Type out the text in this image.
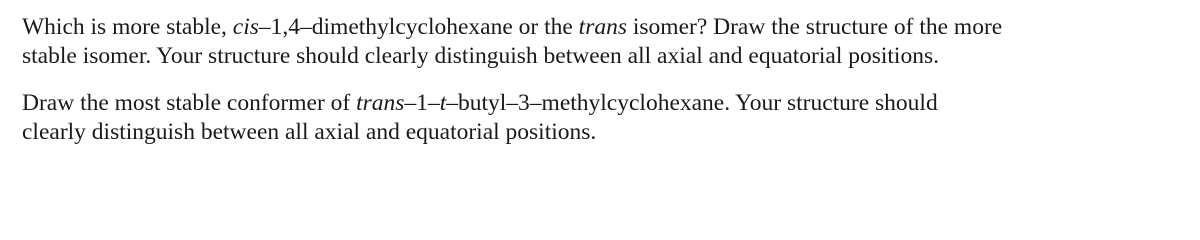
Which is more stable, cis–1,4–dimethylcyclohexane or the trans isomer? Draw the structure of the more
stable isomer. Your structure should clearly distinguish between all axial and equatorial positions.
Draw the most stable conformer of trans–1–t–butyl–3–methylcyclohexane. Your structure should
clearly distinguish between all axial and equatorial positions.
